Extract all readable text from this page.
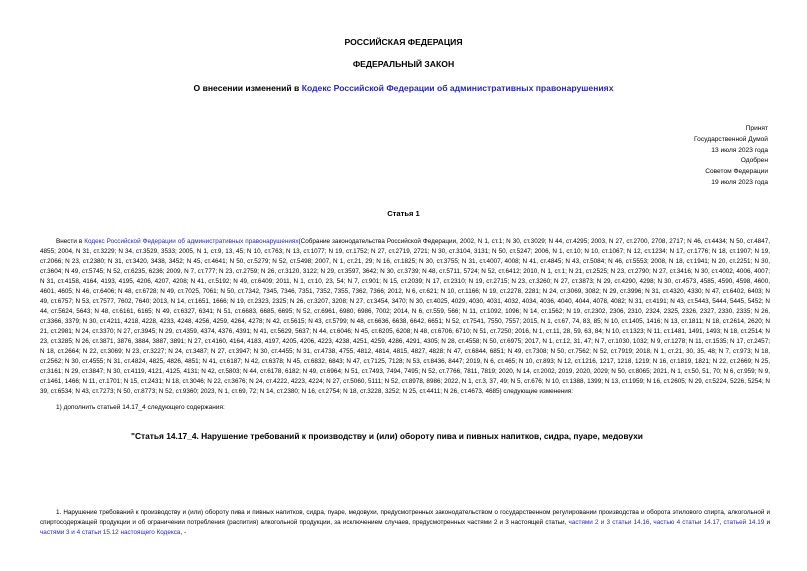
РОССИЙСКАЯ ФЕДЕРАЦИЯ
ФЕДЕРАЛЬНЫЙ ЗАКОН
О внесении изменений в Кодекс Российской Федерации об административных правонарушениях
Принят
Государственной Думой
13 июля 2023 года
Одобрен
Советом Федерации
19 июля 2023 года
Статья 1

Внести в Кодекс Российской Федерации об административных правонарушениях(Собрание законодательства Российской Федерации, 2002, N 1, ст.1; N 30, ст.3029; N 44, ст.4295; 2003, N 27, ст.2700, 2708, 2717; N 46, ст.4434; N 50, ст.4847, 4855; 2004, N 31, ст.3229; N 34, ст.3529, 3533; 2005, N 1, ст.9, 13, 45; N 10, ст.763; N 13, ст.1077; N 19, ст.1752; N 27, ст.2719, 2721; N 30, ст.3104, 3131; N 50, ст.5247; 2006, N 1, ст.10; N 10, ст.1067; N 12, ст.1234; N 17, ст.1776; N 18, ст.1907; N 19, ст.2066; N 23, ст.2380; N 31, ст.3420, 3438, 3452; N 45, ст.4641; N 50, ст.5279; N 52, ст.5498; 2007, N 1, ст.21, 29; N 16, ст.1825; N 30, ст.3755; N 31, ст.4007, 4008; N 41, ст.4845; N 43, ст.5084; N 46, ст.5553; 2008, N 18, ст.1941; N 20, ст.2251; N 30, ст.3604; N 49, ст.5745; N 52, ст.6235, 6236; 2009, N 7, ст.777; N 23, ст.2759; N 26, ст.3120, 3122; N 29, ст.3597, 3642; N 30, ст.3739; N 48, ст.5711, 5724; N 52, ст.6412; 2010, N 1, ст.1; N 21, ст.2525; N 23, ст.2790; N 27, ст.3416; N 30, ст.4002, 4006, 4007; N 31, ст.4158, 4164, 4193, 4195, 4206, 4207, 4208; N 41, ст.5192; N 49, ст.6409; 2011, N 1, ст.10, 23, 54; N 7, ст.901; N 15, ст.2039; N 17, ст.2310; N 19, ст.2715; N 23, ст.3260; N 27, ст.3873; N 29, ст.4290, 4298; N 30, ст.4573, 4585, 4590, 4598, 4600, 4601, 4605; N 46, ст.6406; N 48, ст.6728; N 49, ст.7025, 7061; N 50, ст.7342, 7345, 7346, 7351, 7352, 7355, 7362, 7366; 2012, N 6, ст.621; N 10, ст.1166; N 19, ст.2278, 2281; N 24, ст.3069, 3082; N 29, ст.3996; N 31, ст.4320, 4330; N 47, ст.6402, 6403; N 49, ст.6757; N 53, ст.7577, 7602, 7640; 2013, N 14, ст.1651, 1666; N 19, ст.2323, 2325; N 26, ст.3207, 3208; N 27, ст.3454, 3470; N 30, ст.4025, 4029, 4030, 4031, 4032, 4034, 4036, 4040, 4044, 4078, 4082; N 31, ст.4191; N 43, ст.5443, 5444, 5445, 5452; N 44, ст.5624, 5643; N 48, ст.6161, 6165; N 49, ст.6327, 6341; N 51, ст.6683, 6685, 6695; N 52, ст.6961, 6980, 6986, 7002; 2014, N 6, ст.559, 566; N 11, ст.1092, 1096; N 14, ст.1562; N 19, ст.2302, 2306, 2310, 2324, 2325, 2326, 2327, 2330, 2335; N 26, ст.3366, 3379; N 30, ст.4211, 4218, 4228, 4233, 4248, 4256, 4259, 4264, 4278; N 42, ст.5615; N 43, ст.5799; N 48, ст.6636, 6638, 6642, 6651; N 52, ст.7541, 7550, 7557; 2015, N 1, ст.67, 74, 83, 85; N 10, ст.1405, 1416; N 13, ст.1811; N 18, ст.2614, 2620; N 21, ст.2981; N 24, ст.3370; N 27, ст.3945; N 29, ст.4359, 4374, 4376, 4391; N 41, ст.5629, 5637; N 44, ст.6046; N 45, ст.6205, 6208; N 48, ст.6706, 6710; N 51, ст.7250; 2016, N 1, ст.11, 28, 59, 63, 84; N 10, ст.1323; N 11, ст.1481, 1491, 1493; N 18, ст.2514; N 23, ст.3285; N 26, ст.3871, 3876, 3884, 3887, 3891; N 27, ст.4160, 4164, 4183, 4197, 4205, 4206, 4223, 4238, 4251, 4259, 4286, 4291, 4305; N 28, ст.4558; N 50, ст.6975; 2017, N 1, ст.12, 31, 47; N 7, ст.1030, 1032; N 9, ст.1278; N 11, ст.1535; N 17, ст.2457; N 18, ст.2664; N 22, ст.3069; N 23, ст.3227; N 24, ст.3487; N 27, ст.3947; N 30, ст.4455; N 31, ст.4738, 4755, 4812, 4814, 4815, 4827, 4828; N 47, ст.6844, 6851; N 49, ст.7308; N 50, ст.7562; N 52, ст.7919; 2018, N 1, ст.21, 30, 35, 48; N 7, ст.973; N 18, ст.2562; N 30, ст.4555; N 31, ст.4824, 4825, 4826, 4851; N 41, ст.6187; N 42, ст.6378; N 45, ст.6832, 6843; N 47, ст.7125, 7128; N 53, ст.8436, 8447; 2019, N 6, ст.465; N 10, ст.893; N 12, ст.1216, 1217, 1218, 1219; N 16, ст.1819, 1821; N 22, ст.2669; N 25, ст.3161; N 29, ст.3847; N 30, ст.4119, 4121, 4125, 4131; N 42, ст.5803; N 44, ст.6178, 6182; N 49, ст.6964; N 51, ст.7493, 7494, 7495; N 52, ст.7766, 7811, 7819; 2020, N 14, ст.2002, 2019, 2020, 2029; N 50, ст.8065; 2021, N 1, ст.50, 51, 70; N 6, ст.959; N 9, ст.1461, 1466; N 11, ст.1701; N 15, ст.2431; N 18, ст.3046; N 22, ст.3676; N 24, ст.4222, 4223, 4224; N 27, ст.5060, 5111; N 52, ст.8978, 8986; 2022, N 1, ст.3, 37, 49; N 5, ст.676; N 10, ст.1388, 1399; N 13, ст.1959; N 16, ст.2605; N 29, ст.5224, 5226, 5254; N 39, ст.6534; N 43, ст.7273; N 50, ст.8773; N 52, ст.9360; 2023, N 1, ст.69, 72; N 14, ст.2380; N 16, ст.2754; N 18, ст.3228, 3252; N 25, ст.4411; N 26, ст.4673, 4685) следующие изменения:

1) дополнить статьей 14.17_4 следующего содержания:
"Статья 14.17_4. Нарушение требований к производству и (или) обороту пива и пивных напитков, сидра, пуаре, медовухи

1. Нарушение требований к производству и (или) обороту пива и пивных напитков, сидра, пуаре, медовухи, предусмотренных законодательством о государственном регулировании производства и оборота этилового спирта, алкогольной и спиртосодержащей продукции и об ограничении потребления (распития) алкогольной продукции, за исключением случаев, предусмотренных частями 2 и 3 настоящей статьи, частями 2 и 3 статьи 14.16, частью 4 статьи 14.17, статьей 14.19 и частями 3 и 4 статьи 15.12 настоящего Кодекса, -
